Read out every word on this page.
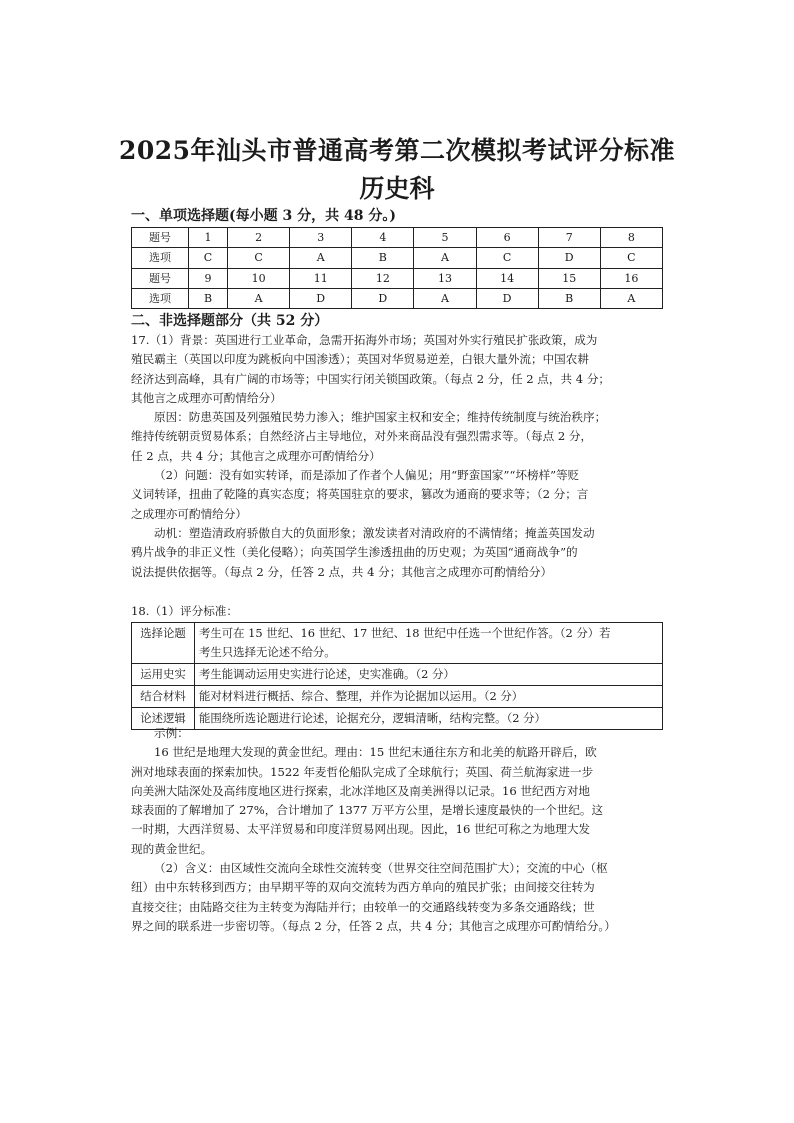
2025年汕头市普通高考第二次模拟考试评分标准
历史科
一、单项选择题(每小题 3 分，共 48 分。)
题号	1	2	3	4	5	6	7	8
选项	C	C	A	B	A	C	D	C
题号	9	10	11	12	13	14	15	16
选项	B	A	D	D	A	D	B	A
二、非选择题部分（共 52 分）
17.（1）背景：英国进行工业革命，急需开拓海外市场；英国对外实行殖民扩张政策，成为
殖民霸主（英国以印度为跳板向中国渗透）；英国对华贸易逆差，白银大量外流；中国农耕
经济达到高峰，具有广阔的市场等；中国实行闭关锁国政策。（每点 2 分，任 2 点，共 4 分；
其他言之成理亦可酌情给分）
原因：防患英国及列强殖民势力渗入；维护国家主权和安全；维持传统制度与统治秩序；
维持传统朝贡贸易体系；自然经济占主导地位，对外来商品没有强烈需求等。（每点 2 分，
任 2 点，共 4 分；其他言之成理亦可酌情给分）
（2）问题：没有如实转译，而是添加了作者个人偏见；用“野蛮国家”“坏榜样”等贬
义词转译，扭曲了乾隆的真实态度；将英国驻京的要求，篡改为通商的要求等；（2 分；言
之成理亦可酌情给分）
动机：塑造清政府骄傲自大的负面形象；激发读者对清政府的不满情绪；掩盖英国发动
鸦片战争的非正义性（美化侵略）；向英国学生渗透扭曲的历史观；为英国“通商战争”的
说法提供依据等。（每点 2 分，任答 2 点，共 4 分；其他言之成理亦可酌情给分）
18.（1）评分标准：
选择论题	考生可在 15 世纪、16 世纪、17 世纪、18 世纪中任选一个世纪作答。（2 分）若
考生只选择无论述不给分。

运用史实	考生能调动运用史实进行论述，史实准确。（2 分）
结合材料	能对材料进行概括、综合、整理，并作为论据加以运用。（2 分）
论述逻辑	能围绕所选论题进行论述，论据充分，逻辑清晰，结构完整。（2 分）
示例：
16 世纪是地理大发现的黄金世纪。理由：15 世纪末通往东方和北美的航路开辟后，欧
洲对地球表面的探索加快。1522 年麦哲伦船队完成了全球航行；英国、荷兰航海家进一步
向美洲大陆深处及高纬度地区进行探索，北冰洋地区及南美洲得以记录。16 世纪西方对地
球表面的了解增加了 27%，合计增加了 1377 万平方公里，是增长速度最快的一个世纪。这
一时期，大西洋贸易、太平洋贸易和印度洋贸易网出现。因此，16 世纪可称之为地理大发
现的黄金世纪。
（2）含义：由区域性交流向全球性交流转变（世界交往空间范围扩大）；交流的中心（枢
纽）由中东转移到西方；由早期平等的双向交流转为西方单向的殖民扩张；由间接交往转为
直接交往；由陆路交往为主转变为海陆并行；由较单一的交通路线转变为多条交通路线；世
界之间的联系进一步密切等。（每点 2 分，任答 2 点，共 4 分；其他言之成理亦可酌情给分。）
